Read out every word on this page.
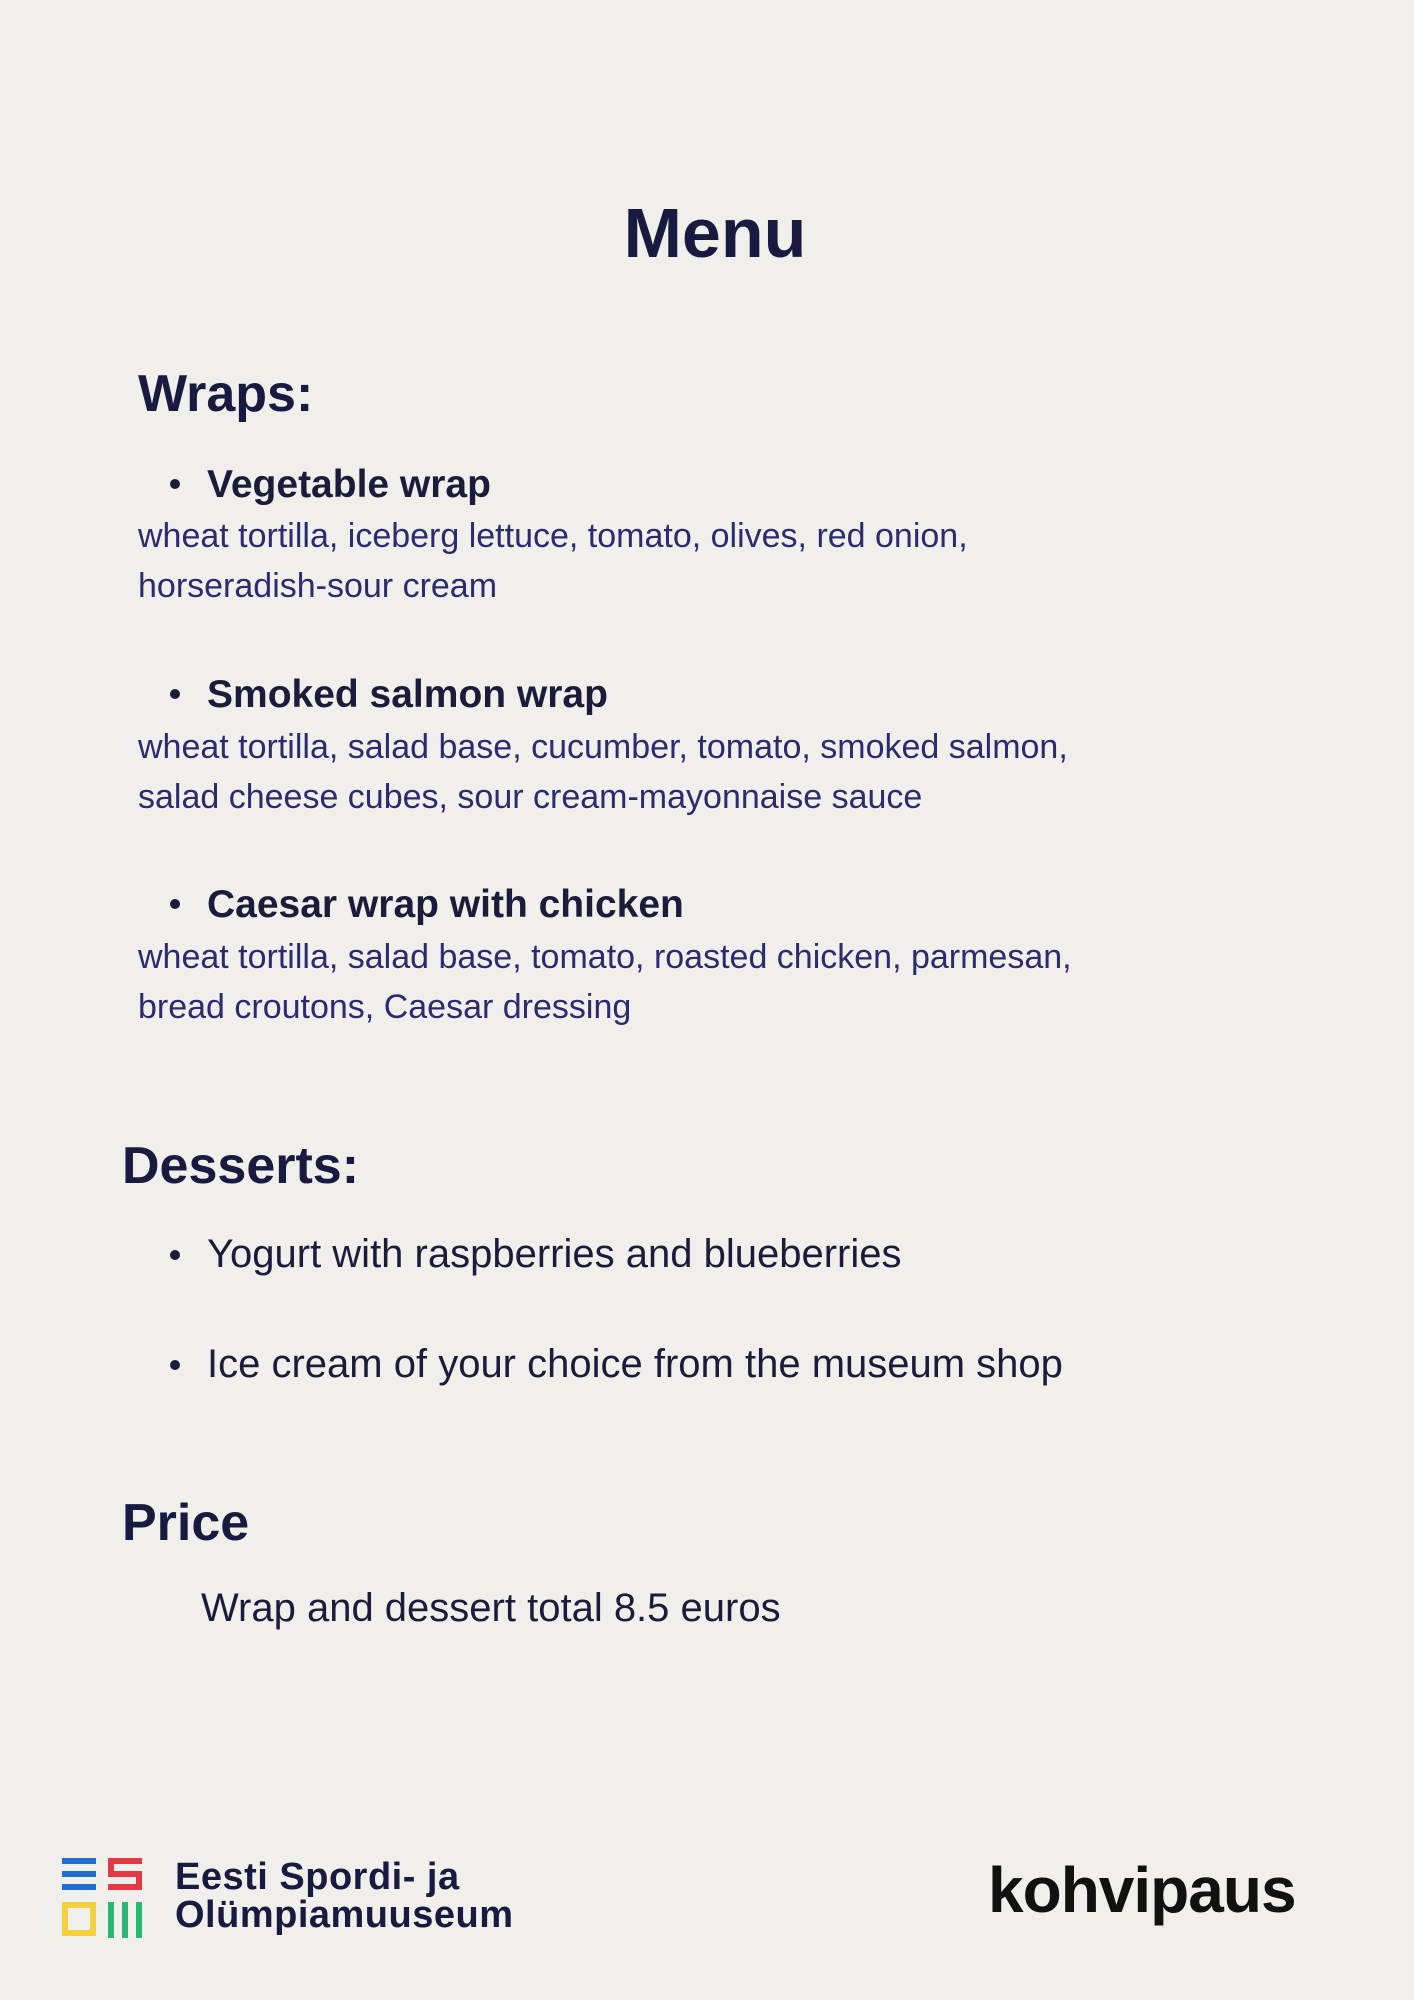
Menu
Wraps:
Vegetable wrap
wheat tortilla, iceberg lettuce, tomato, olives, red onion,
horseradish-sour cream
Smoked salmon wrap
wheat tortilla, salad base, cucumber, tomato, smoked salmon,
salad cheese cubes, sour cream-mayonnaise sauce
Caesar wrap with chicken
wheat tortilla, salad base, tomato, roasted chicken, parmesan,
bread croutons, Caesar dressing
Desserts:
Yogurt with raspberries and blueberries
Ice cream of your choice from the museum shop
Price
Wrap and dessert total 8.5 euros
Eesti Spordi- ja
Olümpiamuuseum	kohvipaus
